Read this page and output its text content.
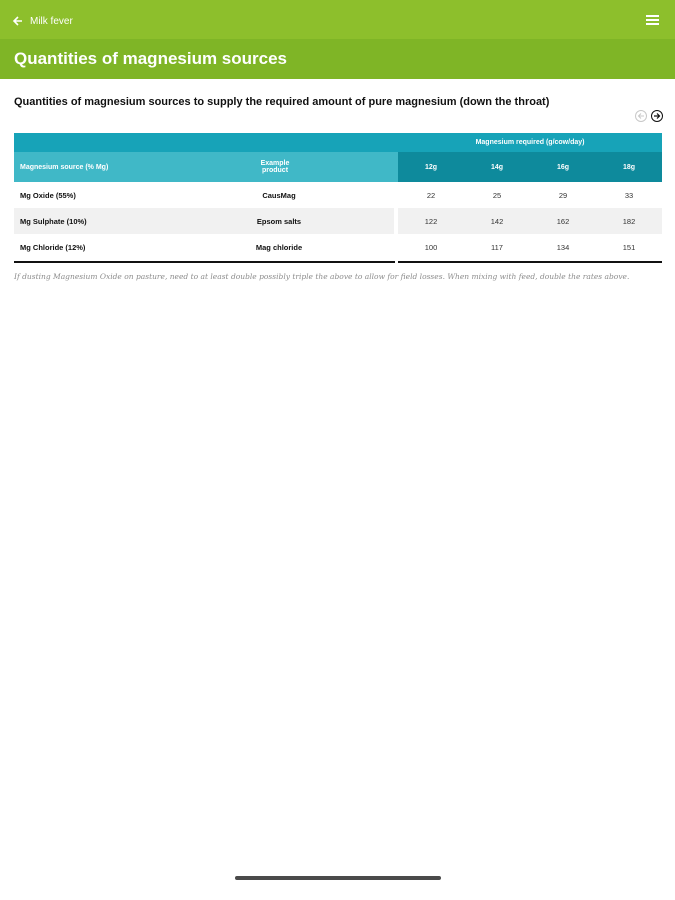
Milk fever
Quantities of magnesium sources
Quantities of magnesium sources to supply the required amount of pure magnesium (down the throat)
			Magnesium required (g/cow/day)			
Magnesium source (% Mg)	Example product		12g	14g	16g	18g
Mg Oxide (55%)	CausMag		22	25	29	33
Mg Sulphate (10%)	Epsom salts		122	142	162	182
Mg Chloride (12%)	Mag chloride		100	117	134	151
If dusting Magnesium Oxide on pasture, need to at least double possibly triple the above to allow for field losses. When mixing with feed, double the rates above.
